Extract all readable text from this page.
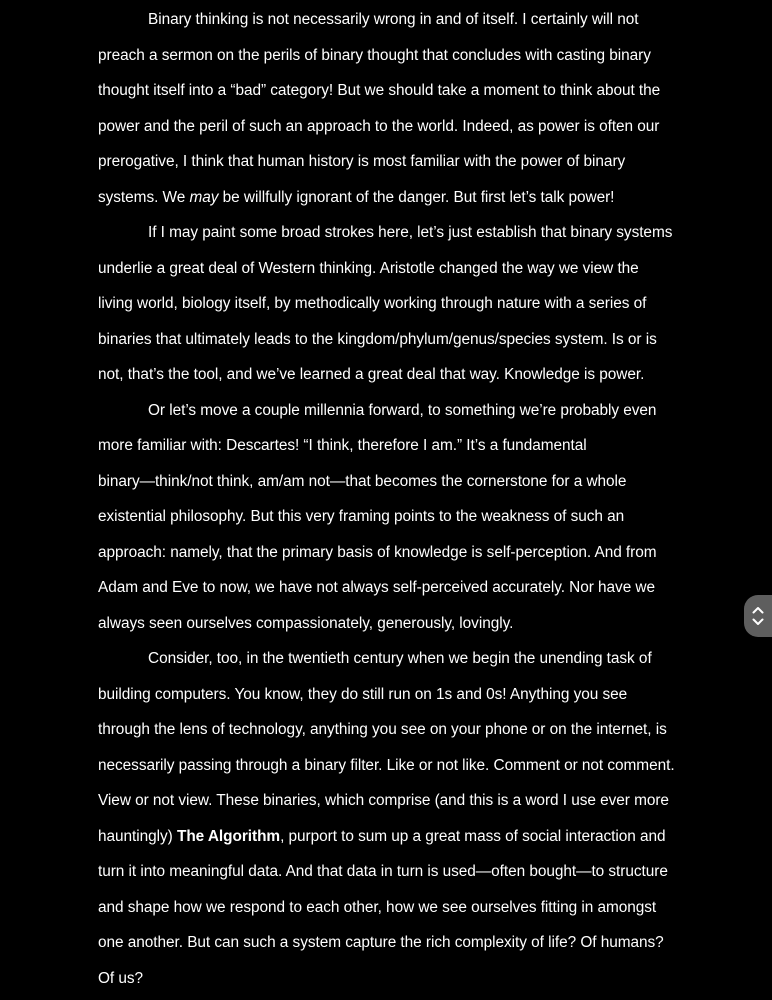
Binary thinking is not necessarily wrong in and of itself. I certainly will not
preach a sermon on the perils of binary thought that concludes with casting binary
thought itself into a “bad” category! But we should take a moment to think about the
power and the peril of such an approach to the world. Indeed, as power is often our
prerogative, I think that human history is most familiar with the power of binary
systems. We may be willfully ignorant of the danger. But first let’s talk power!

If I may paint some broad strokes here, let’s just establish that binary systems
underlie a great deal of Western thinking. Aristotle changed the way we view the
living world, biology itself, by methodically working through nature with a series of
binaries that ultimately leads to the kingdom/phylum/genus/species system. Is or is
not, that’s the tool, and we’ve learned a great deal that way. Knowledge is power.

Or let’s move a couple millennia forward, to something we’re probably even
more familiar with: Descartes! “I think, therefore I am.” It’s a fundamental
binary—think/not think, am/am not—that becomes the cornerstone for a whole
existential philosophy. But this very framing points to the weakness of such an
approach: namely, that the primary basis of knowledge is self-perception. And from
Adam and Eve to now, we have not always self-perceived accurately. Nor have we
always seen ourselves compassionately, generously, lovingly.

Consider, too, in the twentieth century when we begin the unending task of
building computers. You know, they do still run on 1s and 0s! Anything you see
through the lens of technology, anything you see on your phone or on the internet, is
necessarily passing through a binary filter. Like or not like. Comment or not comment.
View or not view. These binaries, which comprise (and this is a word I use ever more
hauntingly) The Algorithm, purport to sum up a great mass of social interaction and
turn it into meaningful data. And that data in turn is used—often bought—to structure
and shape how we respond to each other, how we see ourselves fitting in amongst
one another. But can such a system capture the rich complexity of life? Of humans?
Of us?
